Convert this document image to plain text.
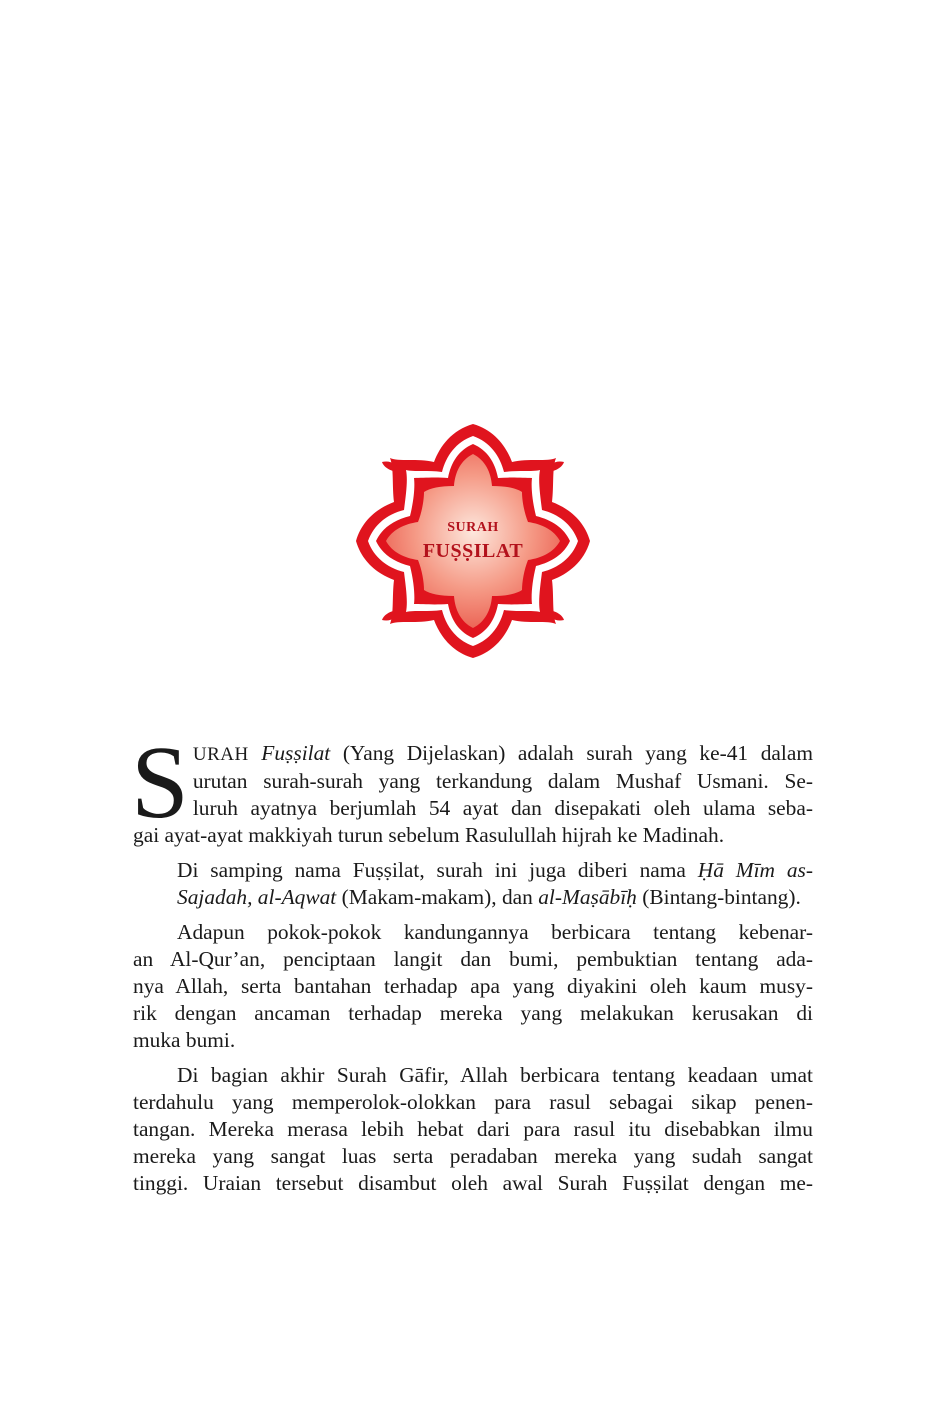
SURAH
FUṢṢILAT

S URAH Fuṣṣilat (Yang Dijelaskan) adalah surah yang ke-41 dalam
urutan surah-surah yang terkandung dalam Mushaf Usmani. Se-
luruh ayatnya berjumlah 54 ayat dan disepakati oleh ulama seba-
gai ayat-ayat makkiyah turun sebelum Rasulullah hijrah ke Madinah.

Di samping nama Fuṣṣilat, surah ini juga diberi nama Ḥā Mīm as-
Sajadah, al-Aqwat (Makam-makam), dan al-Maṣābīḥ (Bintang-bintang).

Adapun pokok-pokok kandungannya berbicara tentang kebenar-
an Al-Qur’an, penciptaan langit dan bumi, pembuktian tentang ada-
nya Allah, serta bantahan terhadap apa yang diyakini oleh kaum musy-
rik dengan ancaman terhadap mereka yang melakukan kerusakan di
muka bumi.

Di bagian akhir Surah Gāfir, Allah berbicara tentang keadaan umat
terdahulu yang memperolok-olokkan para rasul sebagai sikap penen-
tangan. Mereka merasa lebih hebat dari para rasul itu disebabkan ilmu
mereka yang sangat luas serta peradaban mereka yang sudah sangat
tinggi. Uraian tersebut disambut oleh awal Surah Fuṣṣilat dengan me-
